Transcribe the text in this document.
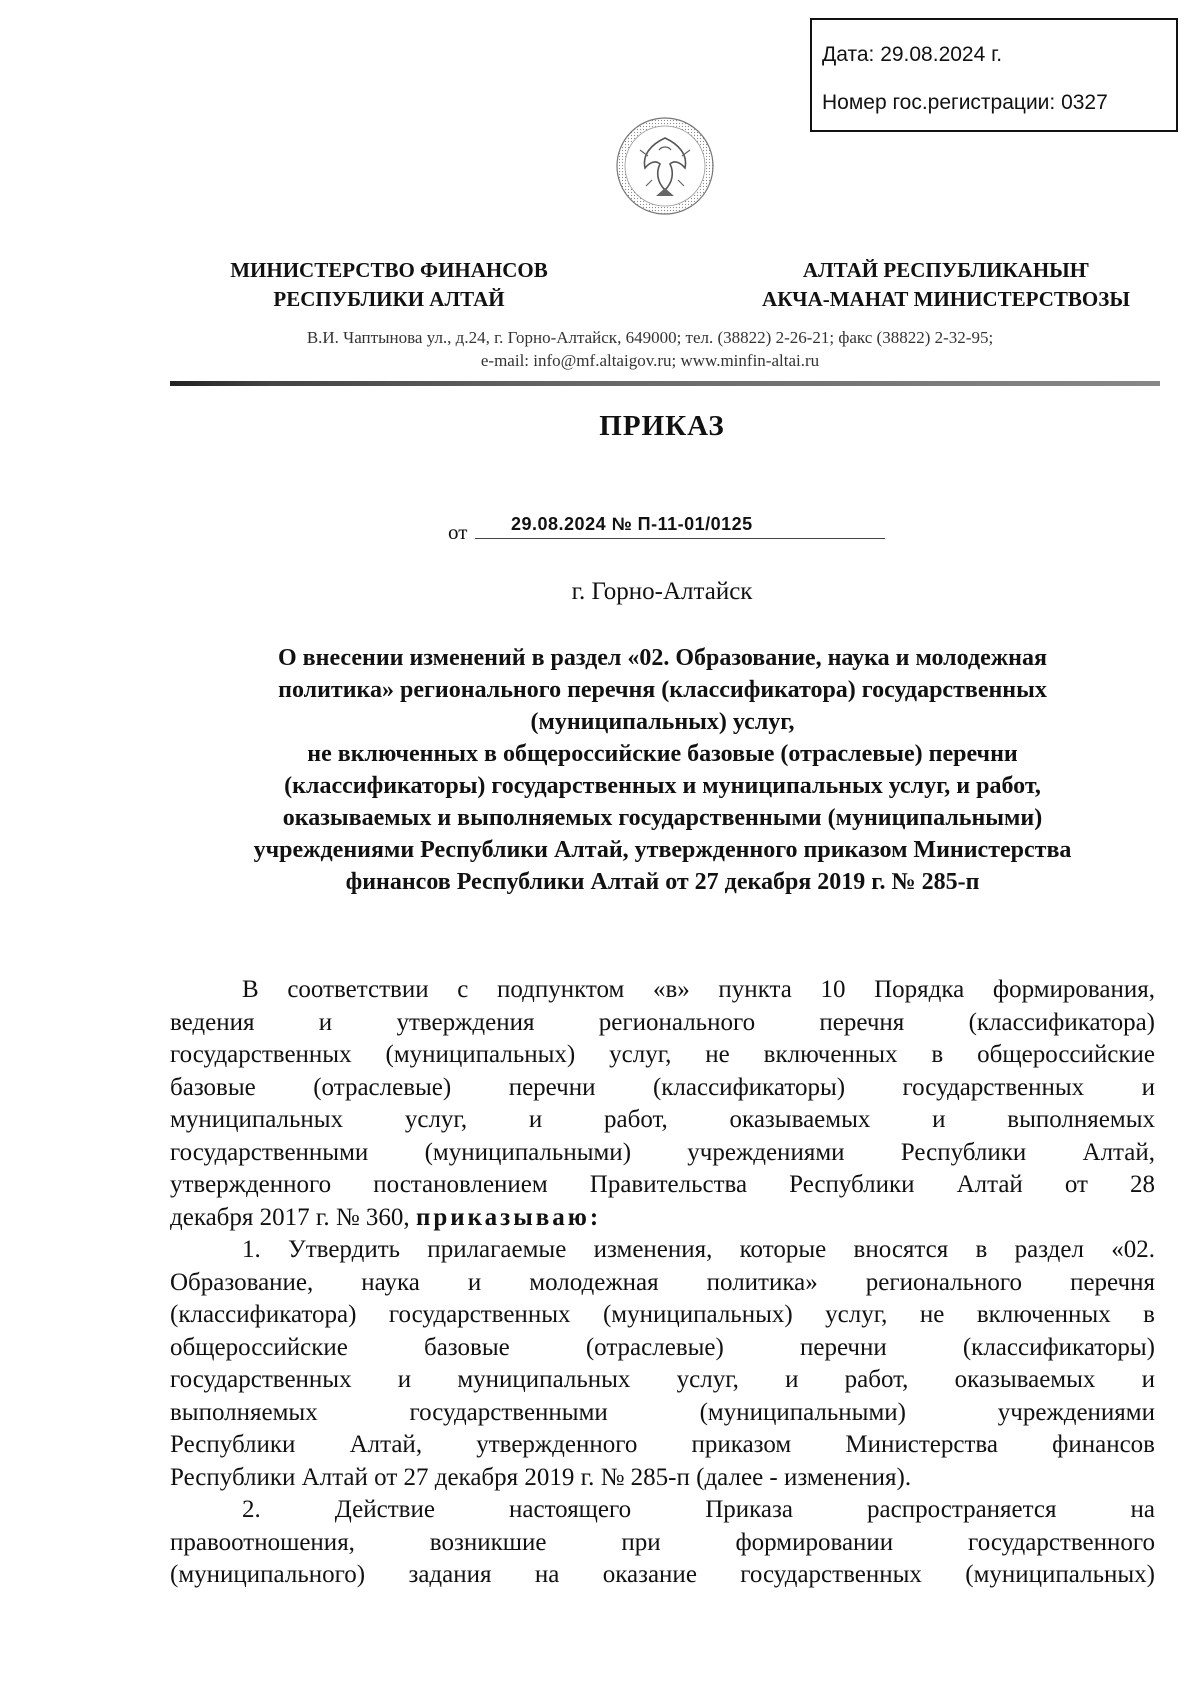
Дата: 29.08.2024 г.
Номер гос.регистрации: 0327
МИНИСТЕРСТВО ФИНАНСОВ
РЕСПУБЛИКИ АЛТАЙ
АЛТАЙ РЕСПУБЛИКАНЫҤ
АКЧА-МАНАТ МИНИСТЕРСТВОЗЫ
В.И. Чаптынова ул., д.24, г. Горно-Алтайск, 649000; тел. (38822) 2-26-21; факс (38822) 2-32-95;
e-mail: info@mf.altaigov.ru; www.minfin-altai.ru
ПРИКАЗ
от 29.08.2024 № П-11-01/0125
г. Горно-Алтайск
О внесении изменений в раздел «02. Образование, наука и молодежная
политика» регионального перечня (классификатора) государственных
(муниципальных) услуг,
не включенных в общероссийские базовые (отраслевые) перечни
(классификаторы) государственных и муниципальных услуг, и работ,
оказываемых и выполняемых государственными (муниципальными)
учреждениями Республики Алтай, утвержденного приказом Министерства
финансов Республики Алтай от 27 декабря 2019 г. № 285-п
В соответствии с подпунктом «в» пункта 10 Порядка формирования,
ведения и утверждения регионального перечня (классификатора)
государственных (муниципальных) услуг, не включенных в общероссийские
базовые (отраслевые) перечни (классификаторы) государственных и
муниципальных услуг, и работ, оказываемых и выполняемых
государственными (муниципальными) учреждениями Республики Алтай,
утвержденного постановлением Правительства Республики Алтай от 28
декабря 2017 г. № 360, приказываю:
1. Утвердить прилагаемые изменения, которые вносятся в раздел «02.
Образование, наука и молодежная политика» регионального перечня
(классификатора) государственных (муниципальных) услуг, не включенных в
общероссийские базовые (отраслевые) перечни (классификаторы)
государственных и муниципальных услуг, и работ, оказываемых и
выполняемых государственными (муниципальными) учреждениями
Республики Алтай, утвержденного приказом Министерства финансов
Республики Алтай от 27 декабря 2019 г. № 285-п (далее - изменения).
2. Действие настоящего Приказа распространяется на
правоотношения, возникшие при формировании государственного
(муниципального) задания на оказание государственных (муниципальных)
